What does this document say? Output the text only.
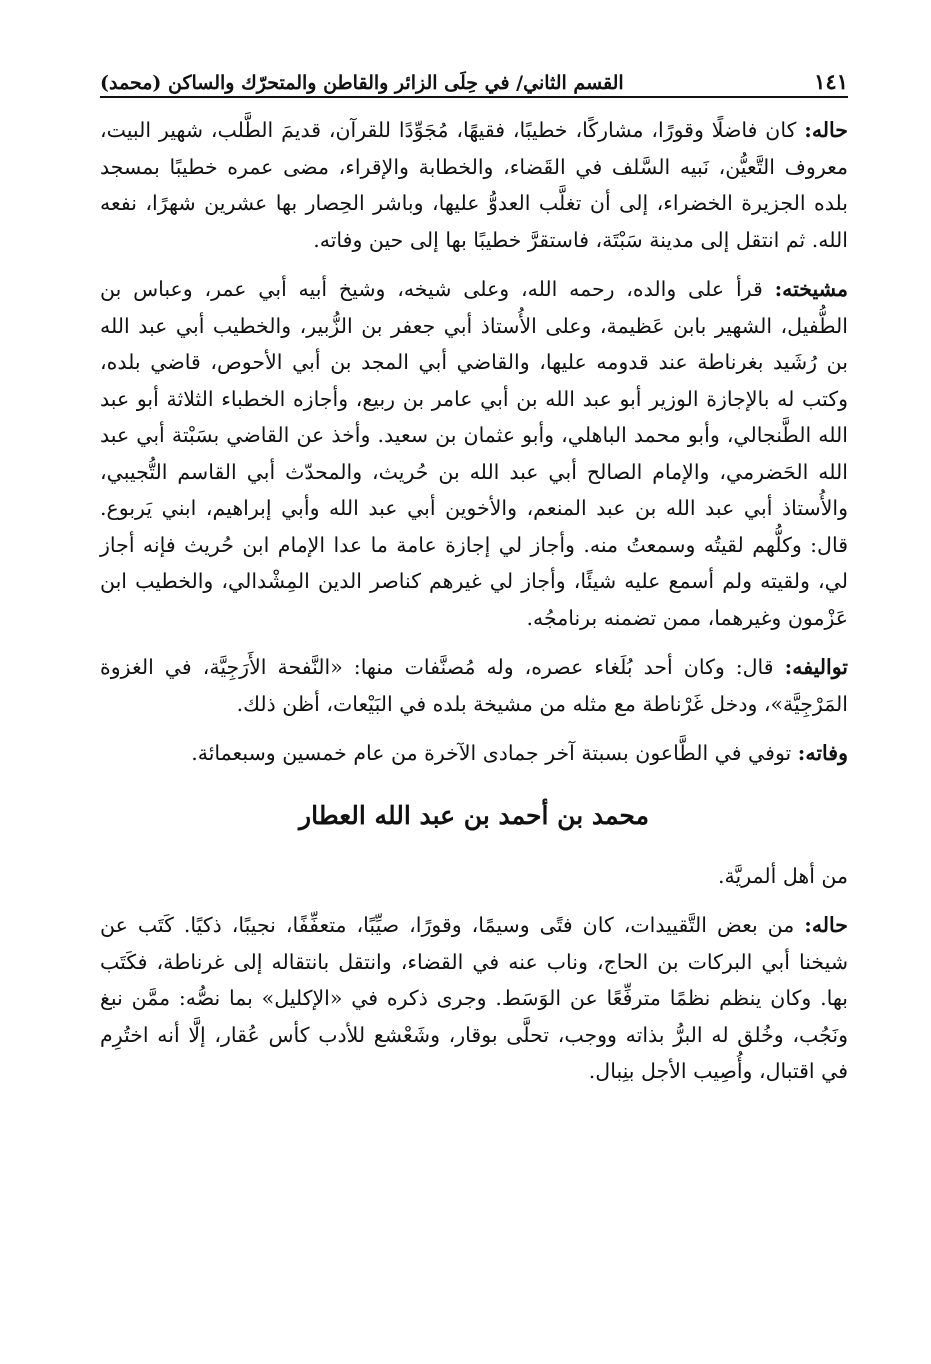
القسم الثاني/ في حِلَى الزائر والقاطن والمتحرّك والساكن (محمد)	١٤١

حاله: كان فاضلًا وقورًا، مشاركًا، خطيبًا، فقيهًا، مُجَوِّدًا للقرآن، قديمَ الطَّلب، شهير البيت، معروف التَّعيُّن، نَبيه السَّلف في القَضاء، والخطابة والإقراء، مضى عمره خطيبًا بمسجد بلده الجزيرة الخضراء، إلى أن تغلَّب العدوُّ عليها، وباشر الحِصار بها عشرين شهرًا، نفعه الله. ثم انتقل إلى مدينة سَبْتَة، فاستقرَّ خطيبًا بها إلى حين وفاته.

مشيخته: قرأ على والده، رحمه الله، وعلى شيخه، وشيخ أبيه أبي عمر، وعباس بن الطُّفيل، الشهير بابن عَظيمة، وعلى الأُستاذ أبي جعفر بن الزُّبير، والخطيب أبي عبد الله بن رُشَيد بغرناطة عند قدومه عليها، والقاضي أبي المجد بن أبي الأحوص، قاضي بلده، وكتب له بالإجازة الوزير أبو عبد الله بن أبي عامر بن ربيع، وأجازه الخطباء الثلاثة أبو عبد الله الطَّنجالي، وأبو محمد الباهلي، وأبو عثمان بن سعيد. وأخذ عن القاضي بسَبْتة أبي عبد الله الحَضرمي، والإمام الصالح أبي عبد الله بن حُريث، والمحدّث أبي القاسم التُّجيبي، والأُستاذ أبي عبد الله بن عبد المنعم، والأخوين أبي عبد الله وأبي إبراهيم، ابني يَربوع. قال: وكلُّهم لقيتُه وسمعتُ منه. وأجاز لي إجازة عامة ما عدا الإمام ابن حُريث فإنه أجاز لي، ولقيته ولم أسمع عليه شيئًا، وأجاز لي غيرهم كناصر الدين المِشْدالي، والخطيب ابن عَزْمون وغيرهما، ممن تضمنه برنامجُه.

تواليفه: قال: وكان أحد بُلَغاء عصره، وله مُصنَّفات منها: «النَّفحة الأَرَجِيَّة، في الغزوة المَرْجِيَّة»، ودخل غَرْناطة مع مثله من مشيخة بلده في البَيْعات، أظن ذلك.

وفاته: توفي في الطَّاعون بسبتة آخر جمادى الآخرة من عام خمسين وسبعمائة.

محمد بن أحمد بن عبد الله العطار

من أهل ألمريَّة.

حاله: من بعض التَّقييدات، كان فتًى وسيمًا، وقورًا، صيِّبًا، متعفِّفًا، نجيبًا، ذكيًا. كَتَب عن شيخنا أبي البركات بن الحاج، وناب عنه في القضاء، وانتقل بانتقاله إلى غرناطة، فكَتَب بها. وكان ينظم نظمًا مترفِّعًا عن الوَسَط. وجرى ذكره في «الإكليل» بما نصُّه: ممَّن نبغ ونَجُب، وخُلق له البرُّ بذاته ووجب، تحلَّى بوقار، وشَعْشع للأدب كأس عُقار، إلَّا أنه اختُرِم في اقتبال، وأُصِيب الأجل بنِبال.
